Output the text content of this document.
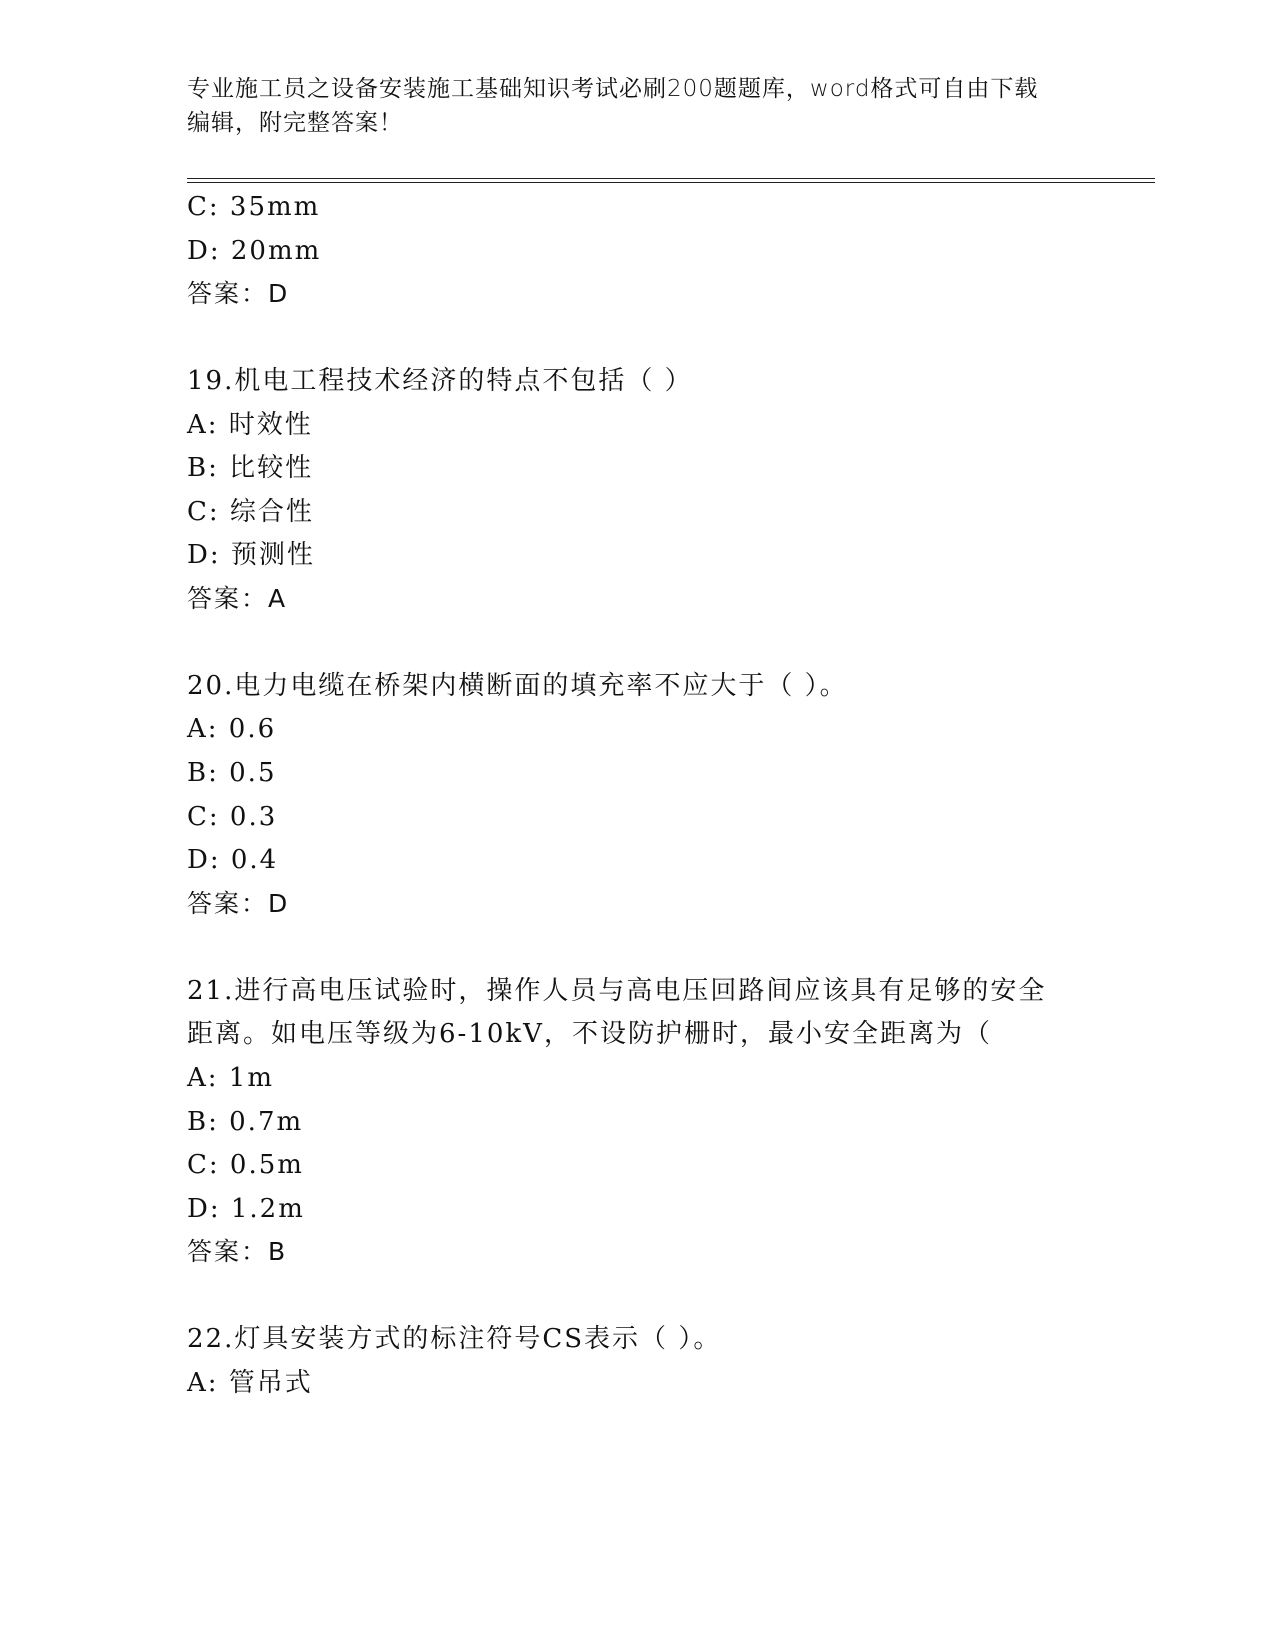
专业施工员之设备安装施工基础知识考试必刷200题题库，word格式可自由下载
编辑，附完整答案！
C: 35mm
D: 20mm
答案：D
19.机电工程技术经济的特点不包括（ ）
A: 时效性
B: 比较性
C: 综合性
D: 预测性
答案：A
20.电力电缆在桥架内横断面的填充率不应大于（ ）。
A: 0.6
B: 0.5
C: 0.3
D: 0.4
答案：D
21.进行高电压试验时，操作人员与高电压回路间应该具有足够的安全
距离。如电压等级为6-10kV，不设防护栅时，最小安全距离为（
A: 1m
B: 0.7m
C: 0.5m
D: 1.2m
答案：B
22.灯具安装方式的标注符号CS表示（ ）。
A: 管吊式
